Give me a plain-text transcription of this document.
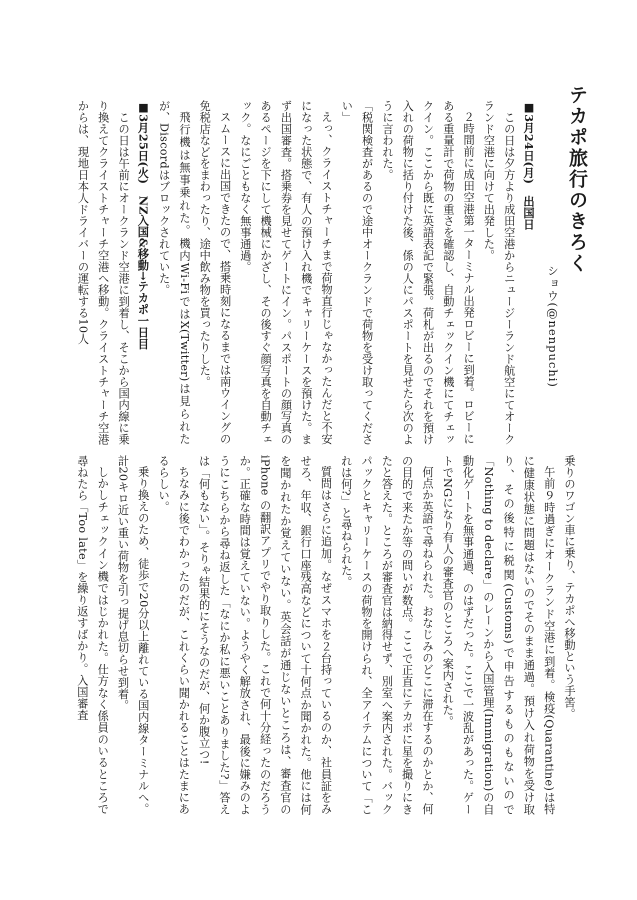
テカポ旅行のきろく
ショウ(@nenpuchi)

■3月24日(月)　出国日

　この日は夕方より成田空港からニュージーランド航空にてオークランド空港に向けて出発した。

２時間前に成田空港第一ターミナル出発ロビーに到着。ロビーにある重量計で荷物の重さを確認し、自動チェックイン機にてチェックイン。ここから既に英語表記で緊張。荷札が出るのでそれを預け入れの荷物に括り付けた後、係の人にパスポートを見せたら次のように言われた。

「税関検査があるので途中オークランドで荷物を受け取ってください」

えっ、クライストチャーチまで荷物直行じゃなかったんだと不安になった状態で、有人の預け入れ機でキャリーケースを預けた。まず出国審査。搭乗券を見せてゲートにイン。パスポートの顔写真のあるページを下にして機械にかざし、その後すぐ顔写真を自動チェック。なにごともなく無事通過。

スムースに出国できたので、搭乗時刻になるまでは南ウイングの免税店などをまわったり、途中飲み物を買ったりした。

飛行機は無事乗れた。機内Wi-FiではX(Twitter)は見られたが、Discordはブロックされていた。

■3月25日(火)　NZ入国&移動→テカポ一日目

　この日は午前にオークランド空港に到着し、そこから国内線に乗り換えてクライストチャーチ空港へ移動。クライストチャーチ空港からは、現地日本人ドライバーの運転する10人

乗りのワゴン車に乗り、テカポへ移動という手筈。

午前９時過ぎにオークランド空港に到着。検疫(Quarantine)は特に健康状態に問題はないのでそのまま通過。預け入れ荷物を受け取り、その後特に税関(Customs)で申告するものもないので「Nothing to declare」のレーンから入国管理(Immigration)の自動化ゲートを無事通過、のはずだった。ここで一波乱があった。ゲートでNGになり有人の審査官のところへ案内された。

何点か英語で尋ねられた。おなじみのどこに滞在するのかとか、何の目的で来たか等の問いが数点。ここで正直にテカポに星を撮りにきたと答えた。ところが審査官は納得せず、別室へ案内された。バックパックとキャリーケースの荷物を開けられ、全アイテムについて「これは何?」と尋ねられた。

質問はさらに追加。なぜスマホを２台持っているのか、社員証をみせろ、年収、銀行口座残高などについて十何点か聞かれた。他には何を聞かれたか覚えていない。英会話が通じないところは、審査官の iPhone の翻訳アプリでやり取りした。これで何十分経ったのだろうか。正確な時間は覚えていない。ようやく解放され、最後に嫌みのようにこちらから尋ね返した「なにか私に悪いことありました?」答えは「何もない」。そりゃ結果的にそうなのだが、何か腹立つ!

ちなみに後でわかったのだが、これくらい聞かれることはたまにあるらしい。

乗り換えのため、徒歩で20分以上離れている国内線ターミナルへ。計20キロ近い重い荷物を引っ提げ息切らせ到着。

しかしチェックイン機ではじかれた。仕方なく係員のいるところで尋ねたら「Too late」を繰り返すばかり。入国審査
